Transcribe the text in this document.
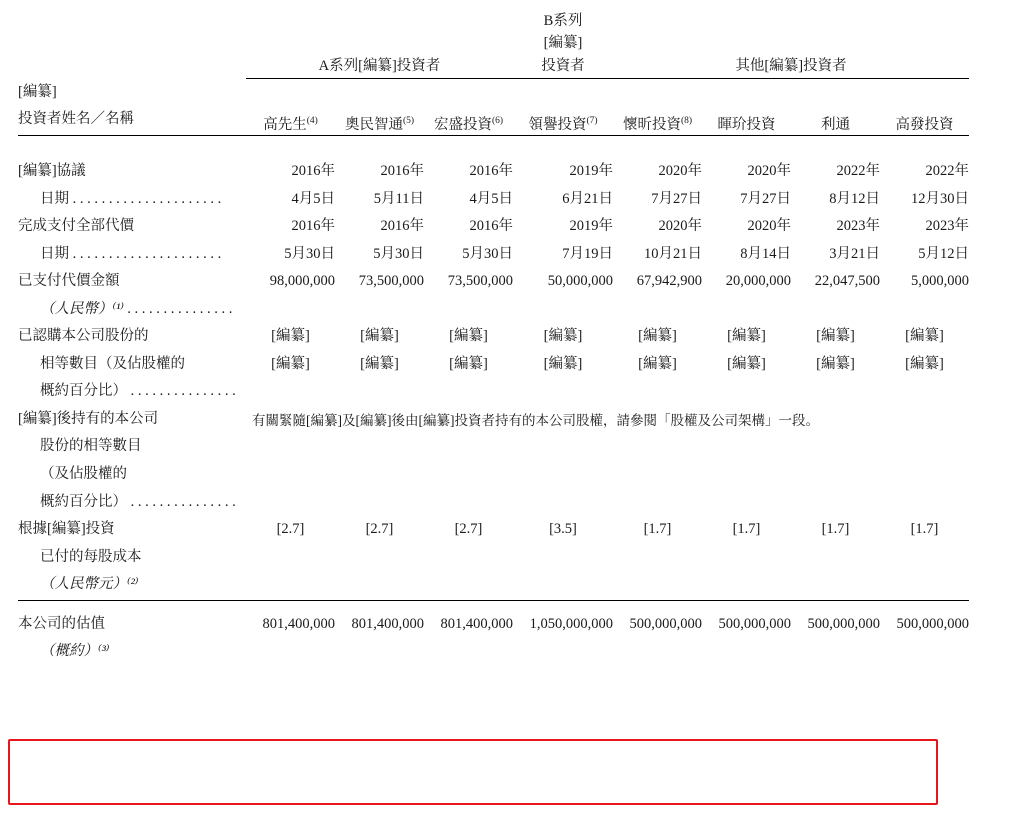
				B系列				
				[編纂]				
	A系列[編纂]投資者			投資者	其他[編纂]投資者			

[編纂]								
投資者姓名／名稱	高先生$^{(4)}$	奧民智通$^{(5)}$	宏盛投資$^{(6)}$	領譽投資$^{(7)}$	懷昕投資$^{(8)}$	暉玠投資	利通	高發投資

[編纂]協議	2016年	2016年	2016年	2019年	2020年	2020年	2022年	2022年
日期 . . . . . . . . . . . . . . . . . . . . .	4月5日	5月11日	4月5日	6月21日	7月27日	7月27日	8月12日	12月30日
完成支付全部代價	2016年	2016年	2016年	2019年	2020年	2020年	2023年	2023年
日期 . . . . . . . . . . . . . . . . . . . . .	5月30日	5月30日	5月30日	7月19日	10月21日	8月14日	3月21日	5月12日
已支付代價金額	98,000,000	73,500,000	73,500,000	50,000,000	67,942,900	20,000,000	22,047,500	5,000,000
（人民幣）⁽¹⁾ . . . . . . . . . . . . . . .								
已認購本公司股份的	[編纂]	[編纂]	[編纂]	[編纂]	[編纂]	[編纂]	[編纂]	[編纂]
相等數目（及佔股權的	[編纂]	[編纂]	[編纂]	[編纂]	[編纂]	[編纂]	[編纂]	[編纂]
概約百分比） . . . . . . . . . . . . . . .								
[編纂]後持有的本公司	有關緊隨[編纂]及[編纂]後由[編纂]投資者持有的本公司股權，請參閱「股權及公司架構」一段。							
股份的相等數目								
（及佔股權的								
概約百分比） . . . . . . . . . . . . . . .								
根據[編纂]投資	[2.7]	[2.7]	[2.7]	[3.5]	[1.7]	[1.7]	[1.7]	[1.7]
已付的每股成本								
（人民幣元）⁽²⁾								

本公司的估值	801,400,000	801,400,000	801,400,000	1,050,000,000	500,000,000	500,000,000	500,000,000	500,000,000
（概約）⁽³⁾								
